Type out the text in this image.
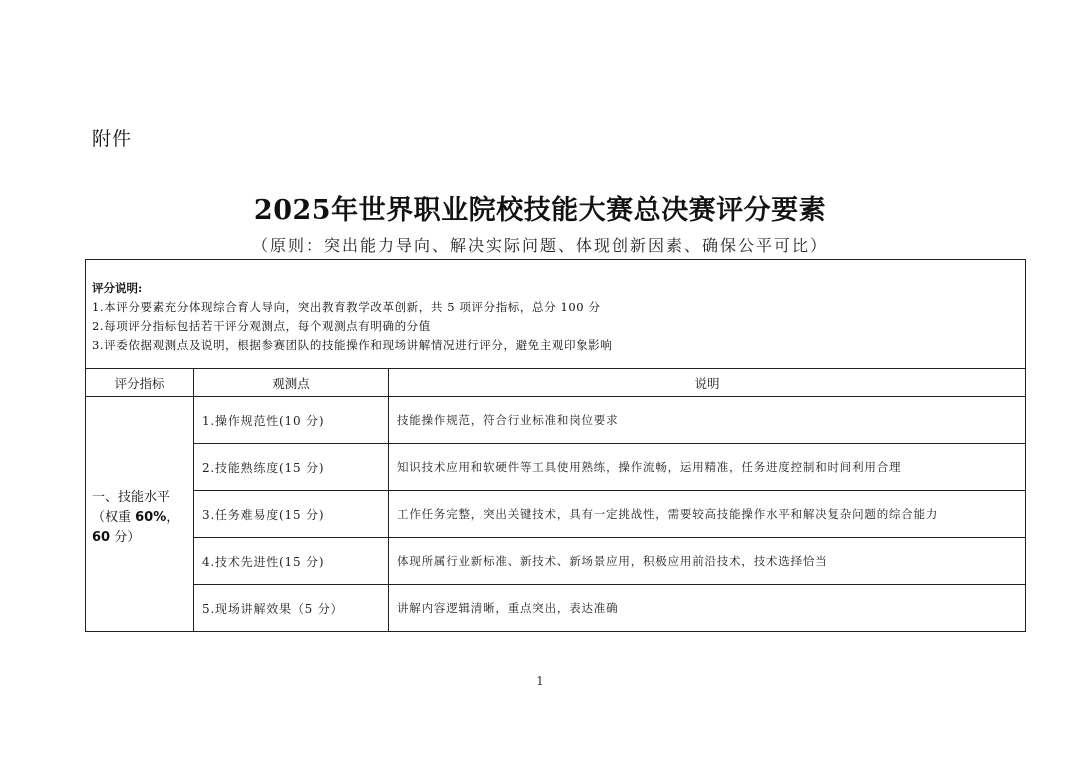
附件
2025年世界职业院校技能大赛总决赛评分要素
（原则：突出能力导向、解决实际问题、体现创新因素、确保公平可比）
评分说明:
1.本评分要素充分体现综合育人导向，突出教育教学改革创新，共 5 项评分指标，总分 100 分
2.每项评分指标包括若干评分观测点，每个观测点有明确的分值
3.评委依据观测点及说明，根据参赛团队的技能操作和现场讲解情况进行评分，避免主观印象影响		

评分指标	观测点	说明

一、技能水平
（权重 60%，
60 分）	1.操作规范性(10 分)	技能操作规范，符合行业标准和岗位要求
	2.技能熟练度(15 分)	知识技术应用和软硬件等工具使用熟练，操作流畅，运用精准，任务进度控制和时间利用合理
	3.任务难易度(15 分)	工作任务完整，突出关键技术，具有一定挑战性，需要较高技能操作水平和解决复杂问题的综合能力
	4.技术先进性(15 分)	体现所属行业新标准、新技术、新场景应用，积极应用前沿技术，技术选择恰当
	5.现场讲解效果（5 分）	讲解内容逻辑清晰，重点突出，表达准确
1
